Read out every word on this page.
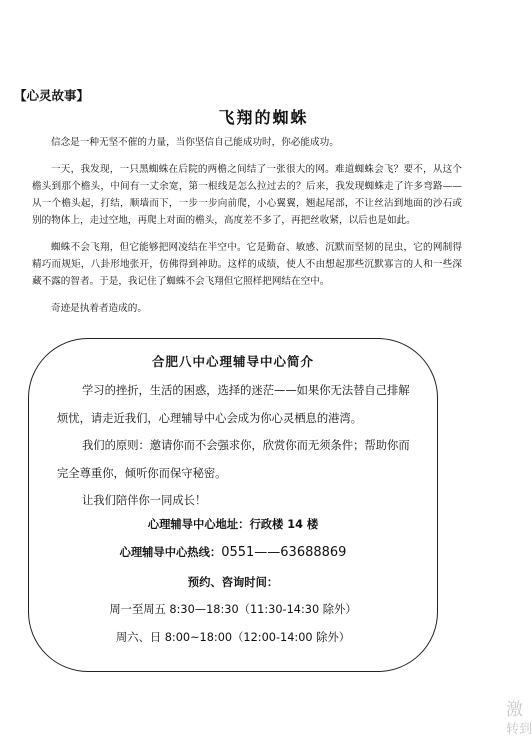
【心灵故事】
飞翔的蜘蛛

信念是一种无坚不催的力量，当你坚信自己能成功时，你必能成功。

一天，我发现，一只黑蜘蛛在后院的两檐之间结了一张很大的网。难道蜘蛛会飞？要不，从这个檐头到那个檐头，中间有一丈余宽，第一根线是怎么拉过去的？后来，我发现蜘蛛走了许多弯路——从一个檐头起，打结，顺墙而下，一步一步向前爬，小心翼翼，翘起尾部，不让丝沾到地面的沙石或别的物体上，走过空地，再爬上对面的檐头，高度差不多了，再把丝收紧，以后也是如此。

蜘蛛不会飞翔，但它能够把网凌结在半空中。它是勤奋、敏感、沉默而坚韧的昆虫，它的网制得精巧而规矩，八卦形地张开，仿佛得到神助。这样的成绩，使人不由想起那些沉默寡言的人和一些深藏不露的智者。于是，我记住了蜘蛛不会飞翔但它照样把网结在空中。

奇迹是执着者造成的。

合肥八中心理辅导中心简介

学习的挫折，生活的困惑，选择的迷茫——如果你无法替自己排解烦忧，请走近我们，心理辅导中心会成为你心灵栖息的港湾。

我们的原则：邀请你而不会强求你，欣赏你而无须条件；帮助你而完全尊重你，倾听你而保守秘密。

让我们陪伴你一同成长！

心理辅导中心地址：行政楼 14 楼
心理辅导中心热线：0551——63688869
预约、咨询时间：
周一至周五 8:30—18:30（11:30-14:30 除外）
周六、日 8:00~18:00（12:00-14:00 除外）
激
转到
